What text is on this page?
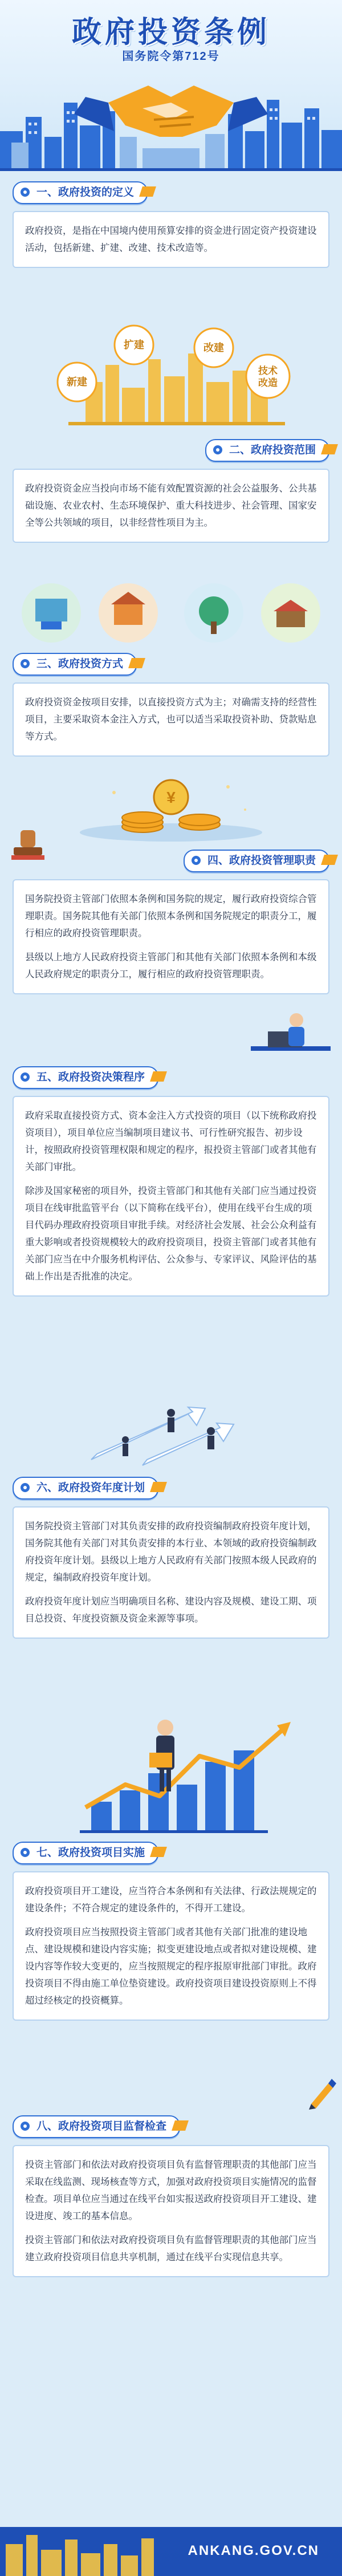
政府投资条例
国务院令第712号
一、政府投资的定义

政府投资，是指在中国境内使用预算安排的资金进行固定资产投资建设活动，包括新建、扩建、改建、技术改造等。

新建
扩建	改建
技术
改造
二、政府投资范围

政府投资资金应当投向市场不能有效配置资源的社会公益服务、公共基础设施、农业农村、生态环境保护、重大科技进步、社会管理、国家安全等公共领域的项目，以非经营性项目为主。

三、政府投资方式

政府投资资金按项目安排，以直接投资方式为主；对确需支持的经营性项目，主要采取资本金注入方式，也可以适当采取投资补助、贷款贴息等方式。

¥
四、政府投资管理职责

国务院投资主管部门依照本条例和国务院的规定，履行政府投资综合管理职责。国务院其他有关部门依照本条例和国务院规定的职责分工，履行相应的政府投资管理职责。

县级以上地方人民政府投资主管部门和其他有关部门依照本条例和本级人民政府规定的职责分工，履行相应的政府投资管理职责。

五、政府投资决策程序

政府采取直接投资方式、资本金注入方式投资的项目（以下统称政府投资项目），项目单位应当编制项目建议书、可行性研究报告、初步设计，按照政府投资管理权限和规定的程序，报投资主管部门或者其他有关部门审批。

除涉及国家秘密的项目外，投资主管部门和其他有关部门应当通过投资项目在线审批监管平台（以下简称在线平台），使用在线平台生成的项目代码办理政府投资项目审批手续。对经济社会发展、社会公众利益有重大影响或者投资规模较大的政府投资项目，投资主管部门或者其他有关部门应当在中介服务机构评估、公众参与、专家评议、风险评估的基础上作出是否批准的决定。

六、政府投资年度计划

国务院投资主管部门对其负责安排的政府投资编制政府投资年度计划，国务院其他有关部门对其负责安排的本行业、本领域的政府投资编制政府投资年度计划。县级以上地方人民政府有关部门按照本级人民政府的规定，编制政府投资年度计划。

政府投资年度计划应当明确项目名称、建设内容及规模、建设工期、项目总投资、年度投资额及资金来源等事项。

七、政府投资项目实施

政府投资项目开工建设，应当符合本条例和有关法律、行政法规规定的建设条件；不符合规定的建设条件的，不得开工建设。

政府投资项目应当按照投资主管部门或者其他有关部门批准的建设地点、建设规模和建设内容实施；拟变更建设地点或者拟对建设规模、建设内容等作较大变更的，应当按照规定的程序报原审批部门审批。政府投资项目不得由施工单位垫资建设。政府投资项目建设投资原则上不得超过经核定的投资概算。

八、政府投资项目监督检查

投资主管部门和依法对政府投资项目负有监督管理职责的其他部门应当采取在线监测、现场核查等方式，加强对政府投资项目实施情况的监督检查。项目单位应当通过在线平台如实报送政府投资项目开工建设、建设进度、竣工的基本信息。

投资主管部门和依法对政府投资项目负有监督管理职责的其他部门应当建立政府投资项目信息共享机制，通过在线平台实现信息共享。

ANKANG.GOV.CN
